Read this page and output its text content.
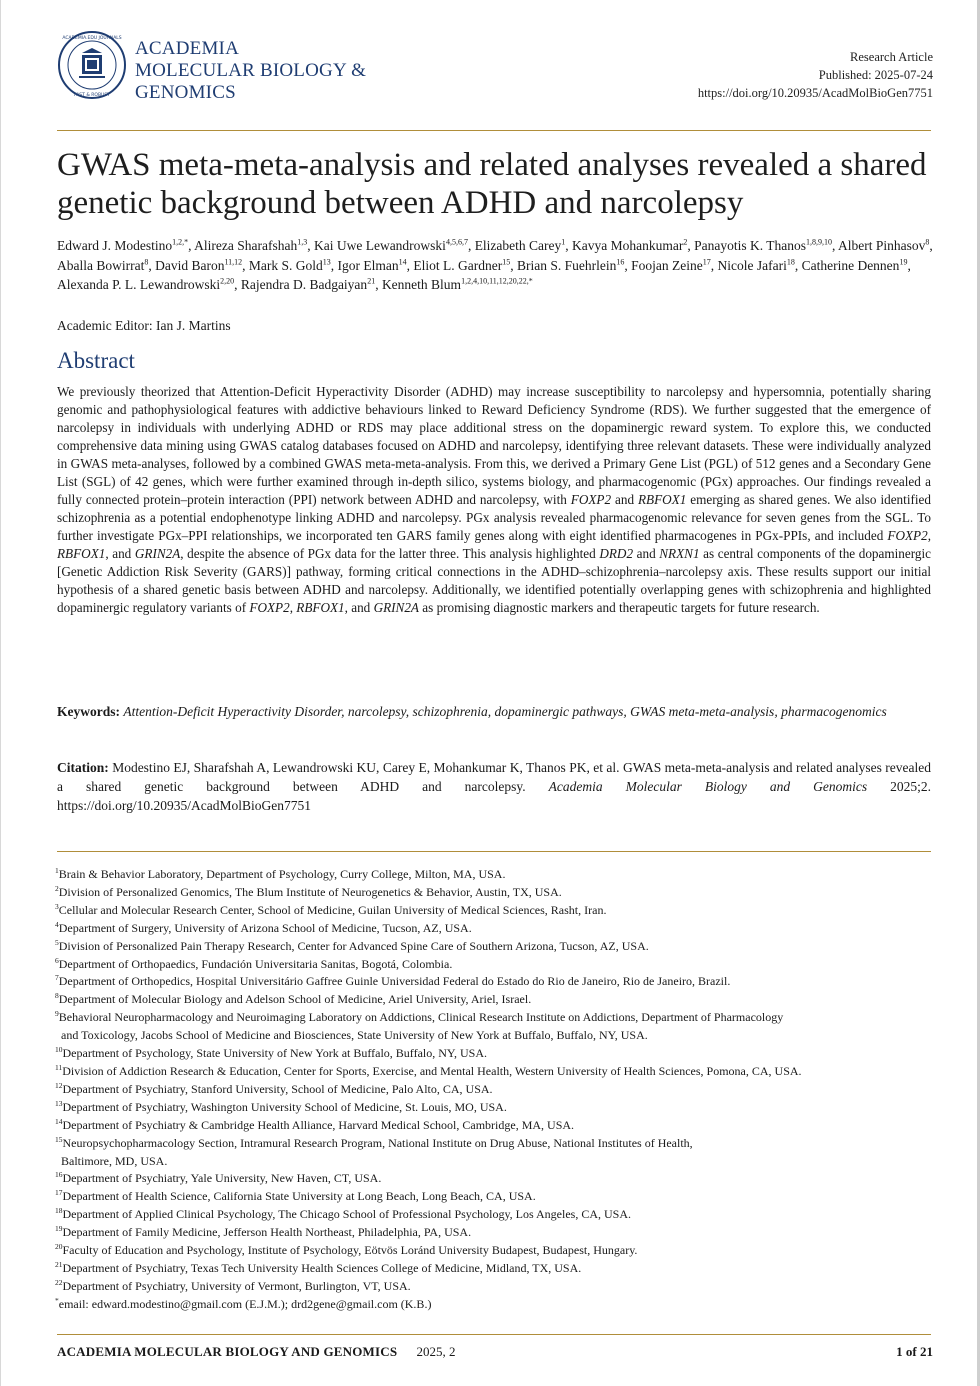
ACADEMIA.EDU JOURNALS
FAST & ROBUST
ACADEMIA
MOLECULAR BIOLOGY &
GENOMICS
Research Article
Published: 2025-07-24
https://doi.org/10.20935/AcadMolBioGen7751
GWAS meta-meta-analysis and related analyses revealed a shared genetic background between ADHD and narcolepsy
Edward J. Modestino$^{1,2,*}$, Alireza Sharafshah$^{1,3}$, Kai Uwe Lewandrowski$^{4,5,6,7}$, Elizabeth Carey$^1$, Kavya Mohankumar$^2$, Panayotis K. Thanos$^{1,8,9,10}$, Albert Pinhasov$^8$, Aballa Bowirrat$^8$, David Baron$^{11,12}$, Mark S. Gold$^{13}$, Igor Elman$^{14}$, Eliot L. Gardner$^{15}$, Brian S. Fuehrlein$^{16}$, Foojan Zeine$^{17}$, Nicole Jafari$^{18}$, Catherine Dennen$^{19}$, Alexanda P. L. Lewandrowski$^{2,20}$, Rajendra D. Badgaiyan$^{21}$, Kenneth Blum$^{1,2,4,10,11,12,20,22,*}$
Academic Editor: Ian J. Martins
Abstract
We previously theorized that Attention-Deficit Hyperactivity Disorder (ADHD) may increase susceptibility to narcolepsy and hypersomnia, potentially sharing genomic and pathophysiological features with addictive behaviours linked to Reward Deficiency Syndrome (RDS). We further suggested that the emergence of narcolepsy in individuals with underlying ADHD or RDS may place additional stress on the dopaminergic reward system. To explore this, we conducted comprehensive data mining using GWAS catalog databases focused on ADHD and narcolepsy, identifying three relevant datasets. These were individually analyzed in GWAS meta-analyses, followed by a combined GWAS meta-meta-analysis. From this, we derived a Primary Gene List (PGL) of 512 genes and a Secondary Gene List (SGL) of 42 genes, which were further examined through in-depth silico, systems biology, and pharmacogenomic (PGx) approaches. Our findings revealed a fully connected protein–protein interaction (PPI) network between ADHD and narcolepsy, with FOXP2 and RBFOX1 emerging as shared genes. We also identified schizophrenia as a potential endophenotype linking ADHD and narcolepsy. PGx analysis revealed pharmacogenomic relevance for seven genes from the SGL. To further investigate PGx–PPI relationships, we incorporated ten GARS family genes along with eight identified pharmacogenes in PGx-PPIs, and included FOXP2, RBFOX1, and GRIN2A, despite the absence of PGx data for the latter three. This analysis highlighted DRD2 and NRXN1 as central components of the dopaminergic [Genetic Addiction Risk Severity (GARS)] pathway, forming critical connections in the ADHD–schizophrenia–narcolepsy axis. These results support our initial hypothesis of a shared genetic basis between ADHD and narcolepsy. Additionally, we identified potentially overlapping genes with schizophrenia and highlighted dopaminergic regulatory variants of FOXP2, RBFOX1, and GRIN2A as promising diagnostic markers and therapeutic targets for future research.
Keywords: Attention-Deficit Hyperactivity Disorder, narcolepsy, schizophrenia, dopaminergic pathways, GWAS meta-meta-analysis, pharmacogenomics
Citation: Modestino EJ, Sharafshah A, Lewandrowski KU, Carey E, Mohankumar K, Thanos PK, et al. GWAS meta-meta-analysis and related analyses revealed a shared genetic background between ADHD and narcolepsy. Academia Molecular Biology and Genomics 2025;2. https://doi.org/10.20935/AcadMolBioGen7751
$^1$Brain & Behavior Laboratory, Department of Psychology, Curry College, Milton, MA, USA.
$^2$Division of Personalized Genomics, The Blum Institute of Neurogenetics & Behavior, Austin, TX, USA.
$^3$Cellular and Molecular Research Center, School of Medicine, Guilan University of Medical Sciences, Rasht, Iran.
$^4$Department of Surgery, University of Arizona School of Medicine, Tucson, AZ, USA.
$^5$Division of Personalized Pain Therapy Research, Center for Advanced Spine Care of Southern Arizona, Tucson, AZ, USA.
$^6$Department of Orthopaedics, Fundación Universitaria Sanitas, Bogotá, Colombia.
$^7$Department of Orthopedics, Hospital Universitário Gaffree Guinle Universidad Federal do Estado do Rio de Janeiro, Rio de Janeiro, Brazil.
$^8$Department of Molecular Biology and Adelson School of Medicine, Ariel University, Ariel, Israel.
$^9$Behavioral Neuropharmacology and Neuroimaging Laboratory on Addictions, Clinical Research Institute on Addictions, Department of Pharmacology
and Toxicology, Jacobs School of Medicine and Biosciences, State University of New York at Buffalo, Buffalo, NY, USA.
$^{10}$Department of Psychology, State University of New York at Buffalo, Buffalo, NY, USA.
$^{11}$Division of Addiction Research & Education, Center for Sports, Exercise, and Mental Health, Western University of Health Sciences, Pomona, CA, USA.
$^{12}$Department of Psychiatry, Stanford University, School of Medicine, Palo Alto, CA, USA.
$^{13}$Department of Psychiatry, Washington University School of Medicine, St. Louis, MO, USA.
$^{14}$Department of Psychiatry & Cambridge Health Alliance, Harvard Medical School, Cambridge, MA, USA.
$^{15}$Neuropsychopharmacology Section, Intramural Research Program, National Institute on Drug Abuse, National Institutes of Health,
Baltimore, MD, USA.
$^{16}$Department of Psychiatry, Yale University, New Haven, CT, USA.
$^{17}$Department of Health Science, California State University at Long Beach, Long Beach, CA, USA.
$^{18}$Department of Applied Clinical Psychology, The Chicago School of Professional Psychology, Los Angeles, CA, USA.
$^{19}$Department of Family Medicine, Jefferson Health Northeast, Philadelphia, PA, USA.
$^{20}$Faculty of Education and Psychology, Institute of Psychology, Eötvös Loránd University Budapest, Budapest, Hungary.
$^{21}$Department of Psychiatry, Texas Tech University Health Sciences College of Medicine, Midland, TX, USA.
$^{22}$Department of Psychiatry, University of Vermont, Burlington, VT, USA.
*email: edward.modestino@gmail.com (E.J.M.); drd2gene@gmail.com (K.B.)
ACADEMIA MOLECULAR BIOLOGY AND GENOMICS 2025, 2	1 of 21
